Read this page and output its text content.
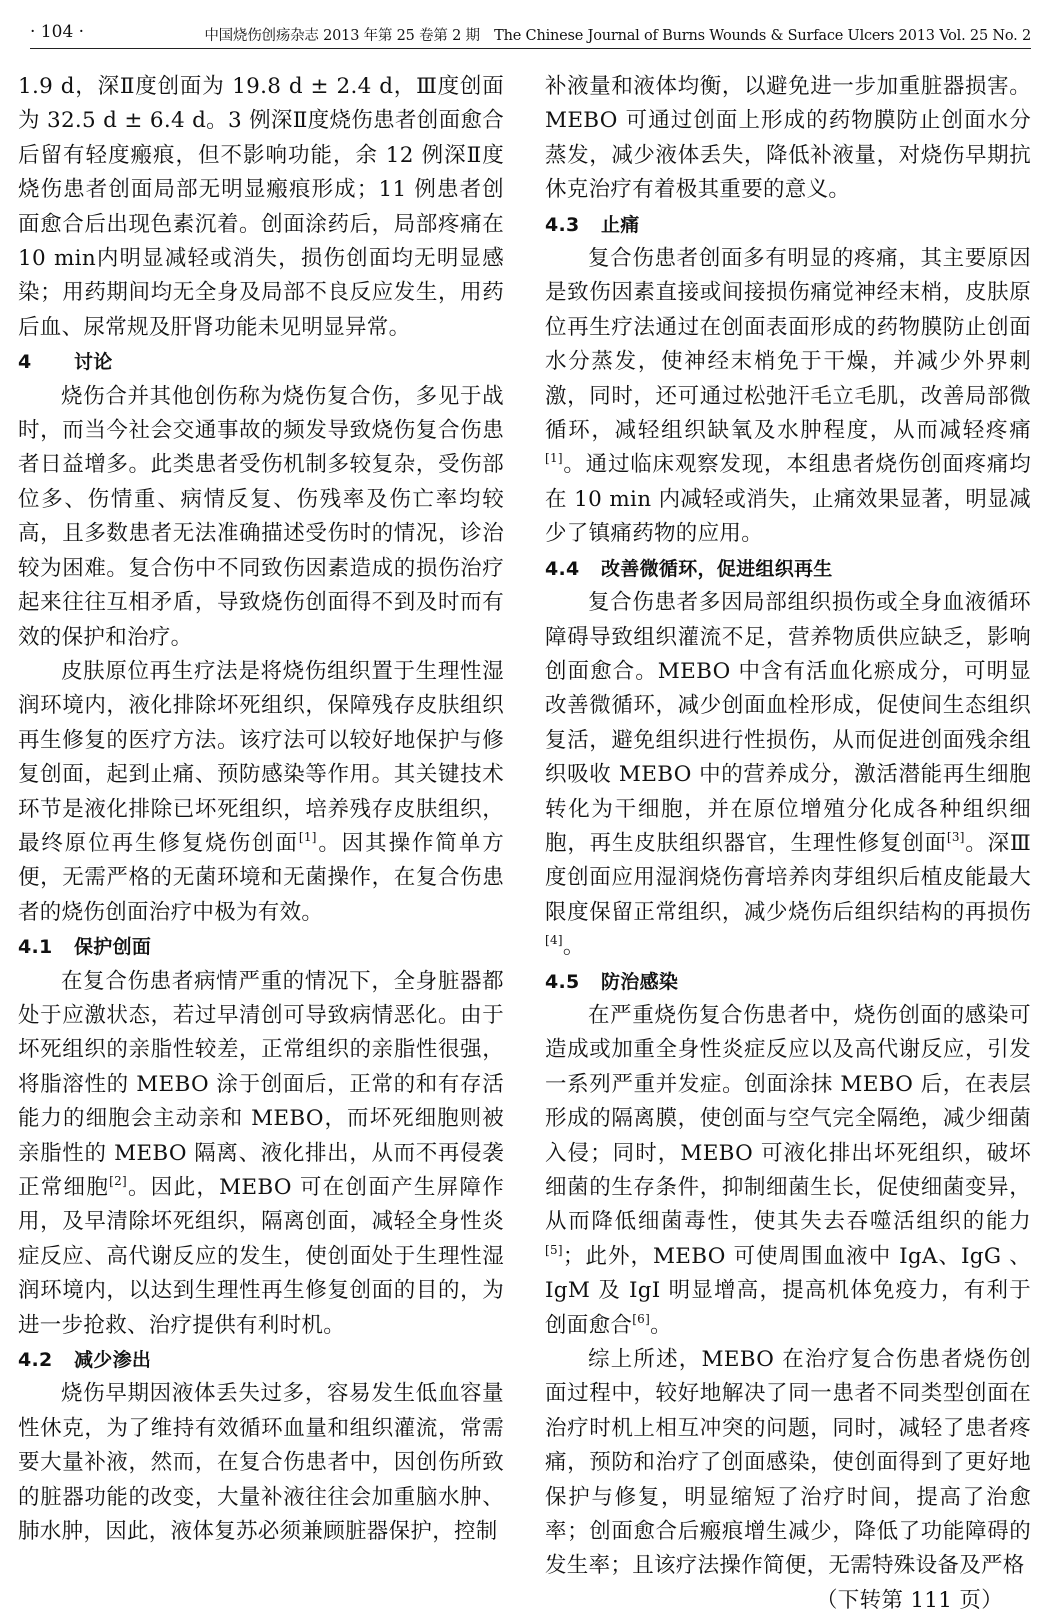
· 104 ·	中国烧伤创疡杂志 2013 年第 25 卷第 2 期　The Chinese Journal of Burns Wounds & Surface Ulcers 2013 Vol. 25 No. 2

1.9 d，深Ⅱ度创面为 19.8 d ± 2.4 d，Ⅲ度创面为 32.5 d ± 6.4 d。3 例深Ⅱ度烧伤患者创面愈合后留有轻度瘢痕，但不影响功能，余 12 例深Ⅱ度烧伤患者创面局部无明显瘢痕形成；11 例患者创面愈合后出现色素沉着。创面涂药后，局部疼痛在 10 min内明显减轻或消失，损伤创面均无明显感染；用药期间均无全身及局部不良反应发生，用药后血、尿常规及肝肾功能未见明显异常。

4 讨论

烧伤合并其他创伤称为烧伤复合伤，多见于战时，而当今社会交通事故的频发导致烧伤复合伤患者日益增多。此类患者受伤机制多较复杂，受伤部位多、伤情重、病情反复、伤残率及伤亡率均较高，且多数患者无法准确描述受伤时的情况，诊治较为困难。复合伤中不同致伤因素造成的损伤治疗起来往往互相矛盾，导致烧伤创面得不到及时而有效的保护和治疗。

皮肤原位再生疗法是将烧伤组织置于生理性湿润环境内，液化排除坏死组织，保障残存皮肤组织再生修复的医疗方法。该疗法可以较好地保护与修复创面，起到止痛、预防感染等作用。其关键技术环节是液化排除已坏死组织，培养残存皮肤组织，最终原位再生修复烧伤创面[1]。因其操作简单方便，无需严格的无菌环境和无菌操作，在复合伤患者的烧伤创面治疗中极为有效。

4.1 保护创面

在复合伤患者病情严重的情况下，全身脏器都处于应激状态，若过早清创可导致病情恶化。由于坏死组织的亲脂性较差，正常组织的亲脂性很强，将脂溶性的 MEBO 涂于创面后，正常的和有存活能力的细胞会主动亲和 MEBO，而坏死细胞则被亲脂性的 MEBO 隔离、液化排出，从而不再侵袭正常细胞[2]。因此，MEBO 可在创面产生屏障作用，及早清除坏死组织，隔离创面，减轻全身性炎症反应、高代谢反应的发生，使创面处于生理性湿润环境内，以达到生理性再生修复创面的目的，为进一步抢救、治疗提供有利时机。

4.2 减少渗出

烧伤早期因液体丢失过多，容易发生低血容量性休克，为了维持有效循环血量和组织灌流，常需要大量补液，然而，在复合伤患者中，因创伤所致的脏器功能的改变，大量补液往往会加重脑水肿、肺水肿，因此，液体复苏必须兼顾脏器保护，控制

补液量和液体均衡，以避免进一步加重脏器损害。MEBO 可通过创面上形成的药物膜防止创面水分蒸发，减少液体丢失，降低补液量，对烧伤早期抗休克治疗有着极其重要的意义。

4.3 止痛

复合伤患者创面多有明显的疼痛，其主要原因是致伤因素直接或间接损伤痛觉神经末梢，皮肤原位再生疗法通过在创面表面形成的药物膜防止创面水分蒸发，使神经末梢免于干燥，并减少外界刺激，同时，还可通过松弛汗毛立毛肌，改善局部微循环，减轻组织缺氧及水肿程度，从而减轻疼痛[1]。通过临床观察发现，本组患者烧伤创面疼痛均在 10 min 内减轻或消失，止痛效果显著，明显减少了镇痛药物的应用。

4.4 改善微循环，促进组织再生

复合伤患者多因局部组织损伤或全身血液循环障碍导致组织灌流不足，营养物质供应缺乏，影响创面愈合。MEBO 中含有活血化瘀成分，可明显改善微循环，减少创面血栓形成，促使间生态组织复活，避免组织进行性损伤，从而促进创面残余组织吸收 MEBO 中的营养成分，激活潜能再生细胞转化为干细胞，并在原位增殖分化成各种组织细胞，再生皮肤组织器官，生理性修复创面[3]。深Ⅲ度创面应用湿润烧伤膏培养肉芽组织后植皮能最大限度保留正常组织，减少烧伤后组织结构的再损伤[4]。

4.5 防治感染

在严重烧伤复合伤患者中，烧伤创面的感染可造成或加重全身性炎症反应以及高代谢反应，引发一系列严重并发症。创面涂抹 MEBO 后，在表层形成的隔离膜，使创面与空气完全隔绝，减少细菌入侵；同时，MEBO 可液化排出坏死组织，破坏细菌的生存条件，抑制细菌生长，促使细菌变异，从而降低细菌毒性，使其失去吞噬活组织的能力[5]；此外，MEBO 可使周围血液中 IgA、IgG 、IgM 及 IgI 明显增高，提高机体免疫力，有利于创面愈合[6]。

综上所述，MEBO 在治疗复合伤患者烧伤创面过程中，较好地解决了同一患者不同类型创面在治疗时机上相互冲突的问题，同时，减轻了患者疼痛，预防和治疗了创面感染，使创面得到了更好地保护与修复，明显缩短了治疗时间，提高了治愈率；创面愈合后瘢痕增生减少，降低了功能障碍的发生率；且该疗法操作简便，无需特殊设备及严格

（下转第 111 页）
